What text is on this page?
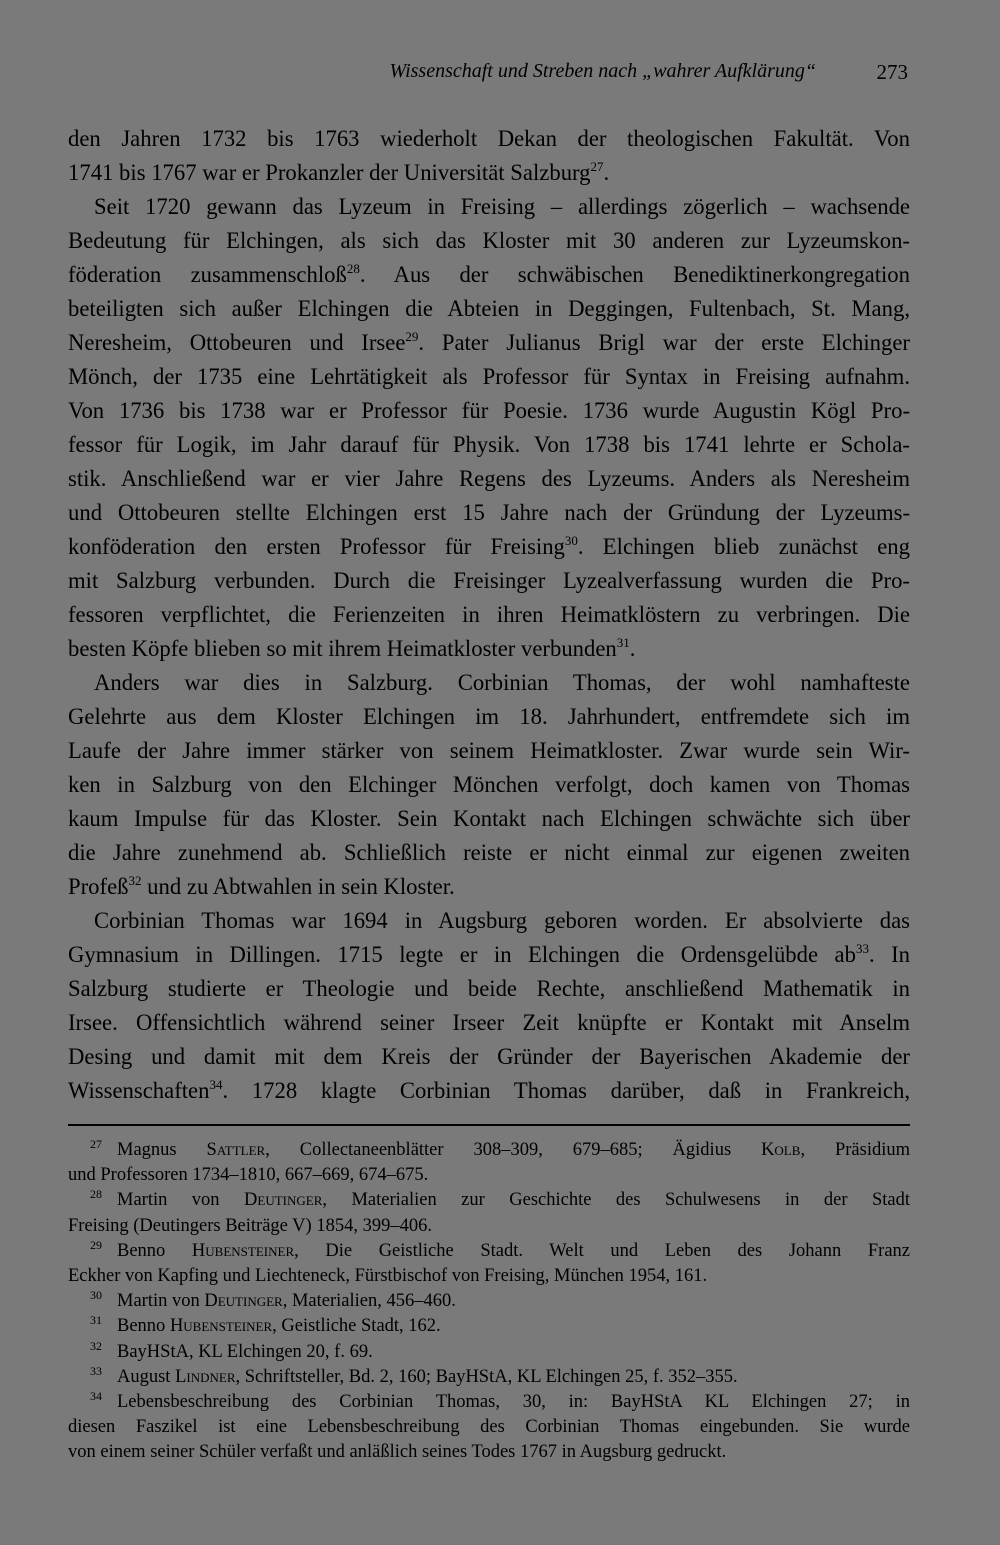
Wissenschaft und Streben nach „wahrer Aufklärung“	273
den Jahren 1732 bis 1763 wiederholt Dekan der theologischen Fakultät. Von
1741 bis 1767 war er Prokanzler der Universität Salzburg$^{27}$.
Seit 1720 gewann das Lyzeum in Freising – allerdings zögerlich – wachsende
Bedeutung für Elchingen, als sich das Kloster mit 30 anderen zur Lyzeumskon-
föderation zusammenschloß$^{28}$. Aus der schwäbischen Benediktinerkongregation
beteiligten sich außer Elchingen die Abteien in Deggingen, Fultenbach, St. Mang,
Neresheim, Ottobeuren und Irsee$^{29}$. Pater Julianus Brigl war der erste Elchinger
Mönch, der 1735 eine Lehrtätigkeit als Professor für Syntax in Freising aufnahm.
Von 1736 bis 1738 war er Professor für Poesie. 1736 wurde Augustin Kögl Pro-
fessor für Logik, im Jahr darauf für Physik. Von 1738 bis 1741 lehrte er Schola-
stik. Anschließend war er vier Jahre Regens des Lyzeums. Anders als Neresheim
und Ottobeuren stellte Elchingen erst 15 Jahre nach der Gründung der Lyzeums-
konföderation den ersten Professor für Freising$^{30}$. Elchingen blieb zunächst eng
mit Salzburg verbunden. Durch die Freisinger Lyzealverfassung wurden die Pro-
fessoren verpflichtet, die Ferienzeiten in ihren Heimatklöstern zu verbringen. Die
besten Köpfe blieben so mit ihrem Heimatkloster verbunden$^{31}$.
Anders war dies in Salzburg. Corbinian Thomas, der wohl namhafteste
Gelehrte aus dem Kloster Elchingen im 18. Jahrhundert, entfremdete sich im
Laufe der Jahre immer stärker von seinem Heimatkloster. Zwar wurde sein Wir-
ken in Salzburg von den Elchinger Mönchen verfolgt, doch kamen von Thomas
kaum Impulse für das Kloster. Sein Kontakt nach Elchingen schwächte sich über
die Jahre zunehmend ab. Schließlich reiste er nicht einmal zur eigenen zweiten
Profeß$^{32}$ und zu Abtwahlen in sein Kloster.
Corbinian Thomas war 1694 in Augsburg geboren worden. Er absolvierte das
Gymnasium in Dillingen. 1715 legte er in Elchingen die Ordensgelübde $ab^{33}$. In
Salzburg studierte er Theologie und beide Rechte, anschließend Mathematik in
Irsee. Offensichtlich während seiner Irseer Zeit knüpfte er Kontakt mit Anselm
Desing und damit mit dem Kreis der Gründer der Bayerischen Akademie der
Wissenschaften$^{34}$. 1728 klagte Corbinian Thomas darüber, daß in Frankreich,
27 Magnus Sattler, Collectaneenblätter 308–309, 679–685; Ägidius Kolb, Präsidium
und Professoren 1734–1810, 667–669, 674–675.
28 Martin von Deutinger, Materialien zur Geschichte des Schulwesens in der Stadt
Freising (Deutingers Beiträge V) 1854, 399–406.
29 Benno Hubensteiner, Die Geistliche Stadt. Welt und Leben des Johann Franz
Eckher von Kapfing und Liechteneck, Fürstbischof von Freising, München 1954, 161.
30 Martin von Deutinger, Materialien, 456–460.
31 Benno Hubensteiner, Geistliche Stadt, 162.
32 BayHStA, KL Elchingen 20, f. 69.
33 August Lindner, Schriftsteller, Bd. 2, 160; BayHStA, KL Elchingen 25, f. 352–355.
34 Lebensbeschreibung des Corbinian Thomas, 30, in: BayHStA KL Elchingen 27; in
diesen Faszikel ist eine Lebensbeschreibung des Corbinian Thomas eingebunden. Sie wurde
von einem seiner Schüler verfaßt und anläßlich seines Todes 1767 in Augsburg gedruckt.
